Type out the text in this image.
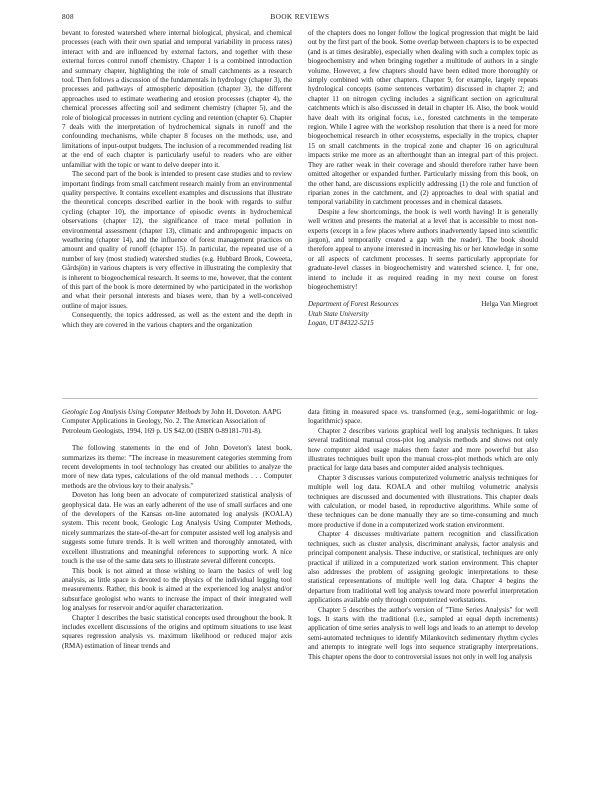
808	BOOK REVIEWS

bevant to forested watershed where internal biological, physical, and chemical processes (each with their own spatial and temporal variability in process rates) interact with and are influenced by external factors, and together with these external forces control runoff chemistry. Chapter 1 is a combined introduction and summary chapter, highlighting the role of small catchments as a research tool. Then follows a discussion of the fundamentals in hydrology (chapter 3), the processes and pathways of atmospheric deposition (chapter 3), the different approaches used to estimate weathering and erosion processes (chapter 4), the chemical processes affecting soil and sediment chemistry (chapter 5), and the role of biological processes in nutrient cycling and retention (chapter 6). Chapter 7 deals with the interpretation of hydrochemical signals in runoff and the confounding mechanisms, while chapter 8 focuses on the methods, use, and limitations of input-output budgets. The inclusion of a recommended reading list at the end of each chapter is particularly useful to readers who are either unfamiliar with the topic or want to delve deeper into it.

The second part of the book is intended to present case studies and to review important findings from small catchment research mainly from an environmental quality perspective. It contains excellent examples and discussions that illustrate the theoretical concepts described earlier in the book with regards to sulfur cycling (chapter 10), the importance of episodic events in hydrochemical observations (chapter 12), the significance of trace metal pollution in environmental assessment (chapter 13), climatic and anthropogenic impacts on weathering (chapter 14), and the influence of forest management practices on amount and quality of runoff (chapter 15). In particular, the repeated use of a number of key (most studied) watershed studies (e.g. Hubbard Brook, Coweeta, Gårdsjön) in various chapters is very effective in illustrating the complexity that is inherent to biogeochemical research. It seems to me, however, that the content of this part of the book is more determined by who participated in the workshop and what their personal interests and biases were, than by a well-conceived outline of major issues.

Consequently, the topics addressed, as well as the extent and the depth in which they are covered in the various chapters and the organization

of the chapters does no longer follow the logical progression that might be laid out by the first part of the book. Some overlap between chapters is to be expected (and is at times desirable), especially when dealing with such a complex topic as biogeochemistry and when bringing together a multitude of authors in a single volume. However, a few chapters should have been edited more thoroughly or simply combined with other chapters. Chapter 9, for example, largely repeats hydrological concepts (some sentences verbatim) discussed in chapter 2; and chapter 11 on nitrogen cycling includes a significant section on agricultural catchments which is also discussed in detail in chapter 16. Also, the book would have dealt with its original focus, i.e., forested catchments in the temperate region. While I agree with the workshop resolution that there is a need for more biogeochemical research in other ecosystems, especially in the tropics, chapter 15 on small catchments in the tropical zone and chapter 16 on agricultural impacts strike me more as an afterthought than an integral part of this project. They are rather weak in their coverage and should therefore rather have been omitted altogether or expanded further. Particularly missing from this book, on the other hand, are discussions explicitly addressing (1) the role and function of riparian zones in the catchment, and (2) approaches to deal with spatial and temporal variability in catchment processes and in chemical datasets.

Despite a few shortcomings, the book is well worth having! It is generally well written and presents the material at a level that is accessible to most non-experts (except in a few places where authors inadvertently lapsed into scientific jargon), and temporarily created a gap with the reader). The book should therefore appeal to anyone interested in increasing his or her knowledge in some or all aspects of catchment processes. It seems particularly appropriate for graduate-level classes in biogeochemistry and watershed science. I, for one, intend to include it as required reading in my next course on forest biogeochemistry!

Department of Forest Resources
Utah State University
Logan, UT 84322-5215
Helga Van Miegroet
Geologic Log Analysis Using Computer Methods by John H. Doveton. AAPG Computer Applications in Geology, No. 2. The American Association of Petroleum Geologists, 1994, 169 p. US $42.00 (ISBN 0-89181-701-8).

The following statements in the end of John Doveton's latest book, summarizes its theme: "The increase in measurement categories stemming from recent developments in tool technology has created our abilities to analyze the more of new data types, calculations of the old manual methods . . . Computer methods are the obvious key to their analysis."

Doveton has long been an advocate of computerized statistical analysis of geophysical data. He was an early adherent of the use of small surfaces and one of the developers of the Kansas on-line automated log analysis (KOALA) system. This recent book, Geologic Log Analysis Using Computer Methods, nicely summarizes the state-of-the-art for computer assisted well log analysis and suggests some future trends. It is well written and thoroughly annotated, with excellent illustrations and meaningful references to supporting work. A nice touch is the use of the same data sets to illustrate several different concepts.

This book is not aimed at those wishing to learn the basics of well log analysis, as little space is devoted to the physics of the individual logging tool measurements. Rather, this book is aimed at the experienced log analyst and/or subsurface geologist who wants to increase the impact of their integrated well log analyses for reservoir and/or aquifer characterization.

Chapter 1 describes the basic statistical concepts used throughout the book. It includes excellent discussions of the origins and optimum situations to use least squares regression analysis vs. maximum likelihood or reduced major axis (RMA) estimation of linear trends and

data fitting in measured space vs. transformed (e.g., semi-logarithmic or log-logarithmic) space.

Chapter 2 describes various graphical well log analysis techniques. It takes several traditional manual cross-plot log analysis methods and shows not only how computer aided usage makes them faster and more powerful but also illustrates techniques built upon the manual cross-plot methods which are only practical for large data bases and computer aided analysis techniques.

Chapter 3 discusses various computerized volumetric analysis techniques for multiple well log data. KOALA and other multilog volumetric analysis techniques are discussed and documented with illustrations. This chapter deals with calculation, or model based, in reproductive algorithms. While some of these techniques can be done manually they are so time-consuming and much more productive if done in a computerized work station environment.

Chapter 4 discusses multivariate pattern recognition and classification techniques, such as cluster analysis, discriminant analysis, factor analysis and principal component analysis. These inductive, or statistical, techniques are only practical if utilized in a computerized work station environment. This chapter also addresses the problem of assigning geologic interpretations to these statistical representations of multiple well log data. Chapter 4 begins the departure from traditional well log analysis toward more powerful interpretation applications available only through computerized workstations.

Chapter 5 describes the author's version of "Time Series Analysis" for well logs. It starts with the traditional (i.e., sampled at equal depth increments) application of time series analysis to well logs and leads to an attempt to develop semi-automated techniques to identify Milankovitch sedimentary rhythm cycles and attempts to integrate well logs into sequence stratigraphy interpretations. This chapter opens the door to controversial issues not only in well log analysis
